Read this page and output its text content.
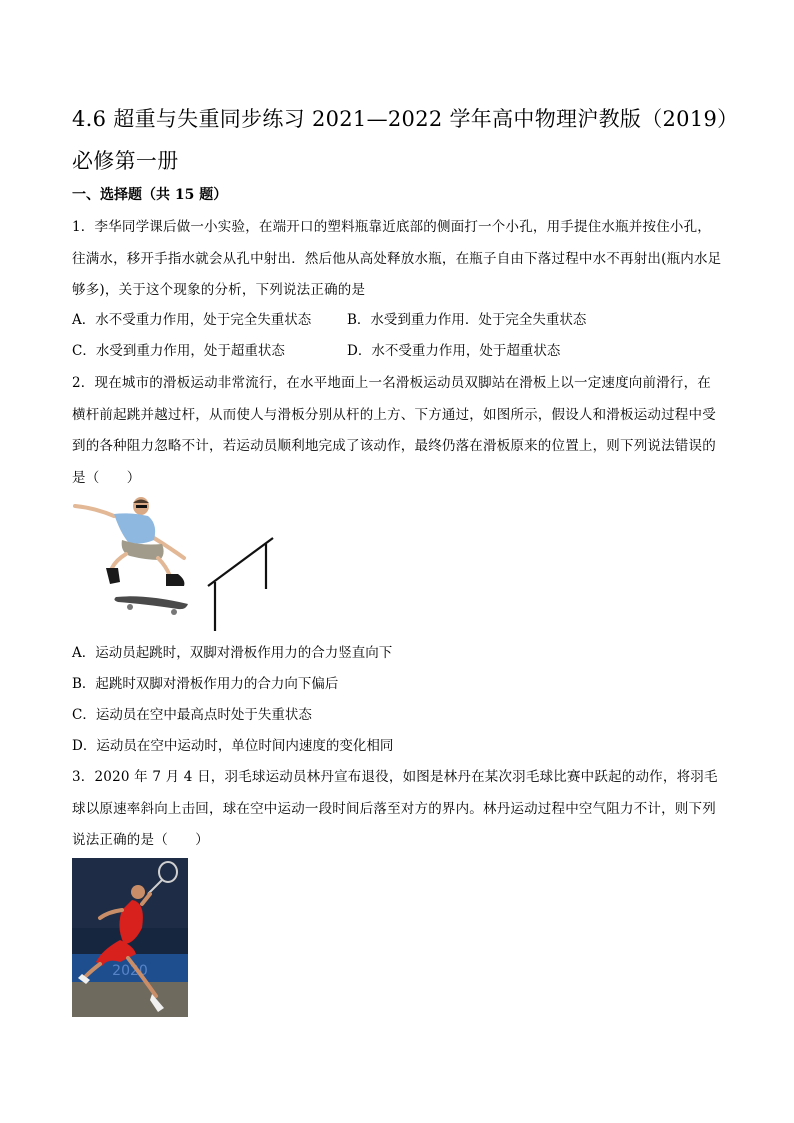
4.6 超重与失重同步练习 2021—2022 学年高中物理沪教版（2019）必修第一册
一、选择题（共 15 题）
1．李华同学课后做一小实验，在端开口的塑料瓶靠近底部的侧面打一个小孔，用手提住水瓶并按住小孔，往满水，移开手指水就会从孔中射出．然后他从高处释放水瓶，在瓶子自由下落过程中水不再射出(瓶内水足够多)，关于这个现象的分析，下列说法正确的是
A．水不受重力作用，处于完全失重状态	B．水受到重力作用．处于完全失重状态
C．水受到重力作用，处于超重状态	D．水不受重力作用，处于超重状态
2．现在城市的滑板运动非常流行，在水平地面上一名滑板运动员双脚站在滑板上以一定速度向前滑行，在横杆前起跳并越过杆，从而使人与滑板分别从杆的上方、下方通过，如图所示，假设人和滑板运动过程中受到的各种阻力忽略不计，若运动员顺利地完成了该动作，最终仍落在滑板原来的位置上，则下列说法错误的是（　　）
A．运动员起跳时，双脚对滑板作用力的合力竖直向下
B．起跳时双脚对滑板作用力的合力向下偏后
C．运动员在空中最高点时处于失重状态
D．运动员在空中运动时，单位时间内速度的变化相同
3．2020 年 7 月 4 日，羽毛球运动员林丹宣布退役，如图是林丹在某次羽毛球比赛中跃起的动作，将羽毛球以原速率斜向上击回，球在空中运动一段时间后落至对方的界内。林丹运动过程中空气阻力不计，则下列说法正确的是（　　）
2020
